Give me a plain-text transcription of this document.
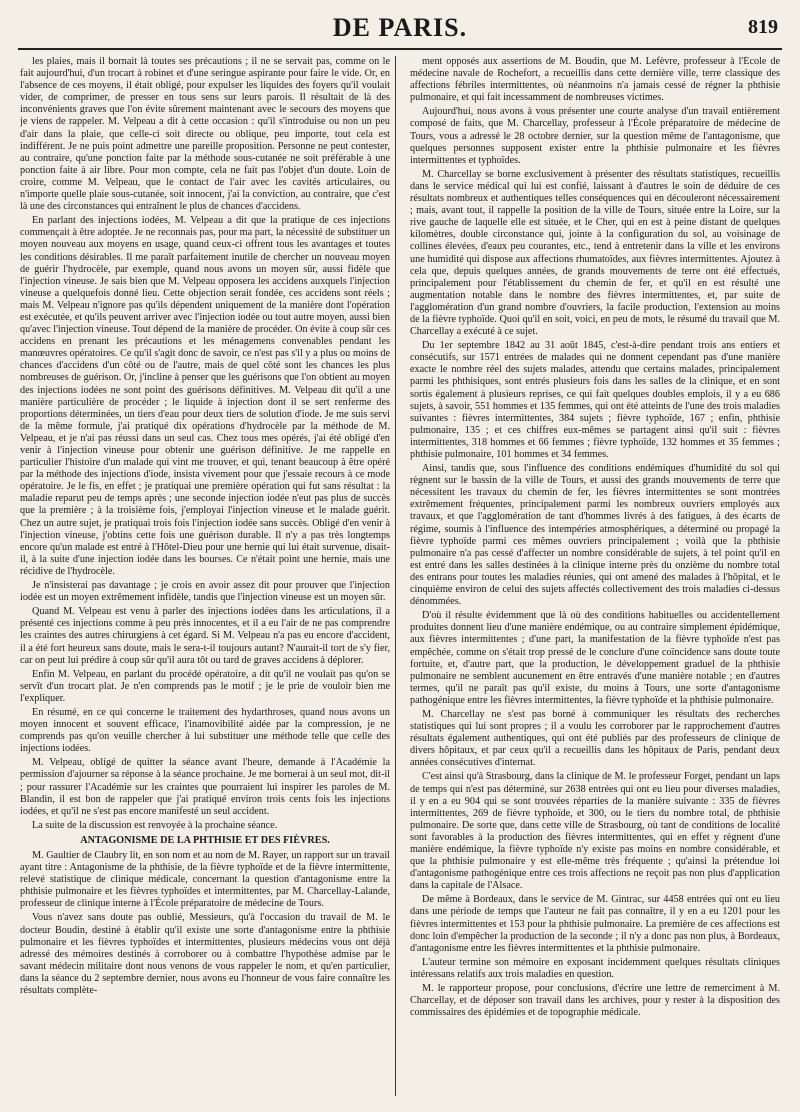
DE PARIS.	819

les plaies, mais il bornait là toutes ses précautions ; il ne se servait pas, comme on le fait aujourd'hui, d'un trocart à robinet et d'une seringue aspirante pour faire le vide. Or, en l'absence de ces moyens, il était obligé, pour expulser les liquides des foyers qu'il voulait vider, de comprimer, de presser en tous sens sur leurs parois. Il résultait de là des inconvénients graves que l'on évite sûrement maintenant avec le secours des moyens que je viens de rappeler. M. Velpeau a dit à cette occasion : qu'il s'introduise ou non un peu d'air dans la plaie, que celle-ci soit directe ou oblique, peu importe, tout cela est indifférent. Je ne puis point admettre une pareille proposition. Personne ne peut contester, au contraire, qu'une ponction faite par la méthode sous-cutanée ne soit préférable à une ponction faite à air libre. Pour mon compte, cela ne fait pas l'objet d'un doute. Loin de croire, comme M. Velpeau, que le contact de l'air avec les cavités articulaires, ou n'importe quelle plaie sous-cutanée, soit innocent, j'ai la conviction, au contraire, que c'est là une des circonstances qui entraînent le plus de chances d'accidens.

En parlant des injections iodées, M. Velpeau a dit que la pratique de ces injections commençait à être adoptée. Je ne reconnais pas, pour ma part, la nécessité de substituer un moyen nouveau aux moyens en usage, quand ceux-ci offrent tous les avantages et toutes les conditions désirables. Il me paraît parfaitement inutile de chercher un nouveau moyen de guérir l'hydrocèle, par exemple, quand nous avons un moyen sûr, aussi fidèle que l'injection vineuse. Je sais bien que M. Velpeau opposera les accidens auxquels l'injection vineuse a quelquefois donné lieu. Cette objection serait fondée, ces accidens sont réels ; mais M. Velpeau n'ignore pas qu'ils dépendent uniquement de la manière dont l'opération est exécutée, et qu'ils peuvent arriver avec l'injection iodée ou tout autre moyen, aussi bien qu'avec l'injection vineuse. Tout dépend de la manière de procéder. On évite à coup sûr ces accidens en prenant les précautions et les ménagemens convenables pendant les manœuvres opératoires. Ce qu'il s'agit donc de savoir, ce n'est pas s'il y a plus ou moins de chances d'accidens d'un côté ou de l'autre, mais de quel côté sont les chances les plus nombreuses de guérison. Or, j'incline à penser que les guérisons que l'on obtient au moyen des injections iodées ne sont point des guérisons définitives. M. Velpeau dit qu'il a une manière particulière de procéder ; le liquide à injection dont il se sert renferme des proportions déterminées, un tiers d'eau pour deux tiers de solution d'iode. Je me suis servi de la même formule, j'ai pratiqué dix opérations d'hydrocèle par la méthode de M. Velpeau, et je n'ai pas réussi dans un seul cas. Chez tous mes opérés, j'ai été obligé d'en venir à l'injection vineuse pour obtenir une guérison définitive. Je me rappelle en particulier l'histoire d'un malade qui vint me trouver, et qui, tenant beaucoup à être opéré par la méthode des injections d'iode, insista vivement pour que j'essaie recours à ce mode opératoire. Je le fis, en effet ; je pratiquai une première opération qui fut sans résultat : la maladie reparut peu de temps après ; une seconde injection iodée n'eut pas plus de succès que la première ; à la troisième fois, j'employai l'injection vineuse et le malade guérit. Chez un autre sujet, je pratiquai trois fois l'injection iodée sans succès. Obligé d'en venir à l'injection vineuse, j'obtins cette fois une guérison durable. Il n'y a pas très longtemps encore qu'un malade est entré à l'Hôtel-Dieu pour une hernie qui lui était survenue, disait-il, à la suite d'une injection iodée dans les bourses. Ce n'était point une hernie, mais une récidive de l'hydrocèle.

Je n'insisterai pas davantage ; je crois en avoir assez dit pour prouver que l'injection iodée est un moyen extrêmement infidèle, tandis que l'injection vineuse est un moyen sûr.

Quand M. Velpeau est venu à parler des injections iodées dans les articulations, il a présenté ces injections comme à peu près innocentes, et il a eu l'air de ne pas comprendre les craintes des autres chirurgiens à cet égard. Si M. Velpeau n'a pas eu encore d'accident, il a été fort heureux sans doute, mais le sera-t-il toujours autant? N'aurait-il tort de s'y fier, car on peut lui prédire à coup sûr qu'il aura tôt ou tard de graves accidens à déplorer.

Enfin M. Velpeau, en parlant du procédé opératoire, a dit qu'il ne voulait pas qu'on se servît d'un trocart plat. Je n'en comprends pas le motif ; je le prie de vouloir bien me l'expliquer.

En résumé, en ce qui concerne le traitement des hydarthroses, quand nous avons un moyen innocent et souvent efficace, l'inamovibilité aidée par la compression, je ne comprends pas qu'on veuille chercher à lui substituer une méthode telle que celle des injections iodées.

M. Velpeau, obligé de quitter la séance avant l'heure, demande à l'Académie la permission d'ajourner sa réponse à la séance prochaine. Je me bornerai à un seul mot, dit-il ; pour rassurer l'Académie sur les craintes que pourraient lui inspirer les paroles de M. Blandin, il est bon de rappeler que j'ai pratiqué environ trois cents fois les injections iodées, et qu'il ne s'est pas encore manifesté un seul accident.

La suite de la discussion est renvoyée à la prochaine séance.

ANTAGONISME DE LA PHTHISIE ET DES FIÈVRES.

M. Gaultier de Claubry lit, en son nom et au nom de M. Rayer, un rapport sur un travail ayant titre : Antagonisme de la phthisie, de la fièvre typhoïde et de la fièvre intermittente, relevé statistique de clinique médicale, concernant la question d'antagonisme entre la phthisie pulmonaire et les fièvres typhoïdes et intermittentes, par M. Charcellay-Lalande, professeur de clinique interne à l'École préparatoire de médecine de Tours.

Vous n'avez sans doute pas oublié, Messieurs, qu'à l'occasion du travail de M. le docteur Boudin, destiné à établir qu'il existe une sorte d'antagonisme entre la phthisie pulmonaire et les fièvres typhoïdes et intermittentes, plusieurs médecins vous ont déjà adressé des mémoires destinés à corroborer ou à combattre l'hypothèse admise par le savant médecin militaire dont nous venons de vous rappeler le nom, et qu'en particulier, dans la séance du 2 septembre dernier, nous avons eu l'honneur de vous faire connaître les résultats complète-

ment opposés aux assertions de M. Boudin, que M. Lefèvre, professeur à l'École de médecine navale de Rochefort, a recueillis dans cette dernière ville, terre classique des affections fébriles intermittentes, où néanmoins n'a jamais cessé de régner la phthisie pulmonaire, et qui fait incessamment de nombreuses victimes.

Aujourd'hui, nous avons à vous présenter une courte analyse d'un travail entièrement composé de faits, que M. Charcellay, professeur à l'École préparatoire de médecine de Tours, vous a adressé le 28 octobre dernier, sur la question même de l'antagonisme, que quelques personnes supposent exister entre la phthisie pulmonaire et les fièvres intermittentes et typhoïdes.

M. Charcellay se borne exclusivement à présenter des résultats statistiques, recueillis dans le service médical qui lui est confié, laissant à d'autres le soin de déduire de ces résultats nombreux et authentiques telles conséquences qui en découleront nécessairement ; mais, avant tout, il rappelle la position de la ville de Tours, située entre la Loire, sur la rive gauche de laquelle elle est située, et le Cher, qui en est à peine distant de quelques kilomètres, double circonstance qui, jointe à la configuration du sol, au voisinage de collines élevées, d'eaux peu courantes, etc., tend à entretenir dans la ville et les environs une humidité qui dispose aux affections rhumatoïdes, aux fièvres intermittentes. Ajoutez à cela que, depuis quelques années, de grands mouvements de terre ont été effectués, principalement pour l'établissement du chemin de fer, et qu'il en est résulté une augmentation notable dans le nombre des fièvres intermittentes, et, par suite de l'agglomération d'un grand nombre d'ouvriers, la facile production, l'extension au moins de la fièvre typhoïde. Quoi qu'il en soit, voici, en peu de mots, le résumé du travail que M. Charcellay a exécuté à ce sujet.

Du 1er septembre 1842 au 31 août 1845, c'est-à-dire pendant trois ans entiers et consécutifs, sur 1571 entrées de malades qui ne donnent cependant pas d'une manière exacte le nombre réel des sujets malades, attendu que certains malades, principalement parmi les phthisiques, sont entrés plusieurs fois dans les salles de la clinique, et en sont sortis également à plusieurs reprises, ce qui fait quelques doubles emplois, il y a eu 686 sujets, à savoir, 551 hommes et 135 femmes, qui ont été atteints de l'une des trois maladies suivantes : fièvres intermittentes, 384 sujets ; fièvre typhoïde, 167 ; enfin, phthisie pulmonaire, 135 ; et ces chiffres eux-mêmes se partagent ainsi qu'il suit : fièvres intermittentes, 318 hommes et 66 femmes ; fièvre typhoïde, 132 hommes et 35 femmes ; phthisie pulmonaire, 101 hommes et 34 femmes.

Ainsi, tandis que, sous l'influence des conditions endémiques d'humidité du sol qui règnent sur le bassin de la ville de Tours, et aussi des grands mouvements de terre que nécessitent les travaux du chemin de fer, les fièvres intermittentes se sont montrées extrêmement fréquentes, principalement parmi les nombreux ouvriers employés aux travaux, et que l'agglomération de tant d'hommes livrés à des fatigues, à des écarts de régime, soumis à l'influence des intempéries atmosphériques, a déterminé ou propagé la fièvre typhoïde parmi ces mêmes ouvriers principalement ; voilà que la phthisie pulmonaire n'a pas cessé d'affecter un nombre considérable de sujets, à tel point qu'il en est entré dans les salles destinées à la clinique interne près du onzième du nombre total des entrans pour toutes les maladies réunies, qui ont amené des malades à l'hôpital, et le cinquième environ de celui des sujets affectés collectivement des trois maladies ci-dessus dénommées.

D'où il résulte évidemment que là où des conditions habituelles ou accidentellement produites donnent lieu d'une manière endémique, ou au contraire simplement épidémique, aux fièvres intermittentes ; d'une part, la manifestation de la fièvre typhoïde n'est pas empêchée, comme on s'était trop pressé de le conclure d'une coïncidence sans doute toute fortuite, et, d'autre part, que la production, le développement graduel de la phthisie pulmonaire ne semblent aucunement en être entravés d'une manière notable ; en d'autres termes, qu'il ne paraît pas qu'il existe, du moins à Tours, une sorte d'antagonisme pathogénique entre les fièvres intermittentes, la fièvre typhoïde et la phthisie pulmonaire.

M. Charcellay ne s'est pas borné à communiquer les résultats des recherches statistiques qui lui sont propres ; il a voulu les corroborer par le rapprochement d'autres résultats également authentiques, qui ont été publiés par des professeurs de clinique de divers hôpitaux, et par ceux qu'il a recueillis dans les hôpitaux de Paris, pendant deux années consécutives d'internat.

C'est ainsi qu'à Strasbourg, dans la clinique de M. le professeur Forget, pendant un laps de temps qui n'est pas déterminé, sur 2638 entrées qui ont eu lieu pour diverses maladies, il y en a eu 904 qui se sont trouvées réparties de la manière suivante : 335 de fièvres intermittentes, 269 de fièvre typhoïde, et 300, ou le tiers du nombre total, de phthisie pulmonaire. De sorte que, dans cette ville de Strasbourg, où tant de conditions de localité sont favorables à la production des fièvres intermittentes, qui en effet y règnent d'une manière endémique, la fièvre typhoïde n'y existe pas moins en nombre considérable, et que la phthisie pulmonaire y est elle-même très fréquente ; qu'ainsi la prétendue loi d'antagonisme pathogénique entre ces trois affections ne reçoit pas non plus d'application dans la capitale de l'Alsace.

De même à Bordeaux, dans le service de M. Gintrac, sur 4458 entrées qui ont eu lieu dans une période de temps que l'auteur ne fait pas connaître, il y en a eu 1201 pour les fièvres intermittentes et 153 pour la phthisie pulmonaire. La première de ces affections est donc loin d'empêcher la production de la seconde ; il n'y a donc pas non plus, à Bordeaux, d'antagonisme entre les fièvres intermittentes et la phthisie pulmonaire.

L'auteur termine son mémoire en exposant incidemment quelques résultats cliniques intéressans relatifs aux trois maladies en question.

M. le rapporteur propose, pour conclusions, d'écrire une lettre de remerciment à M. Charcellay, et de déposer son travail dans les archives, pour y rester à la disposition des commissaires des épidémies et de topographie médicale.
